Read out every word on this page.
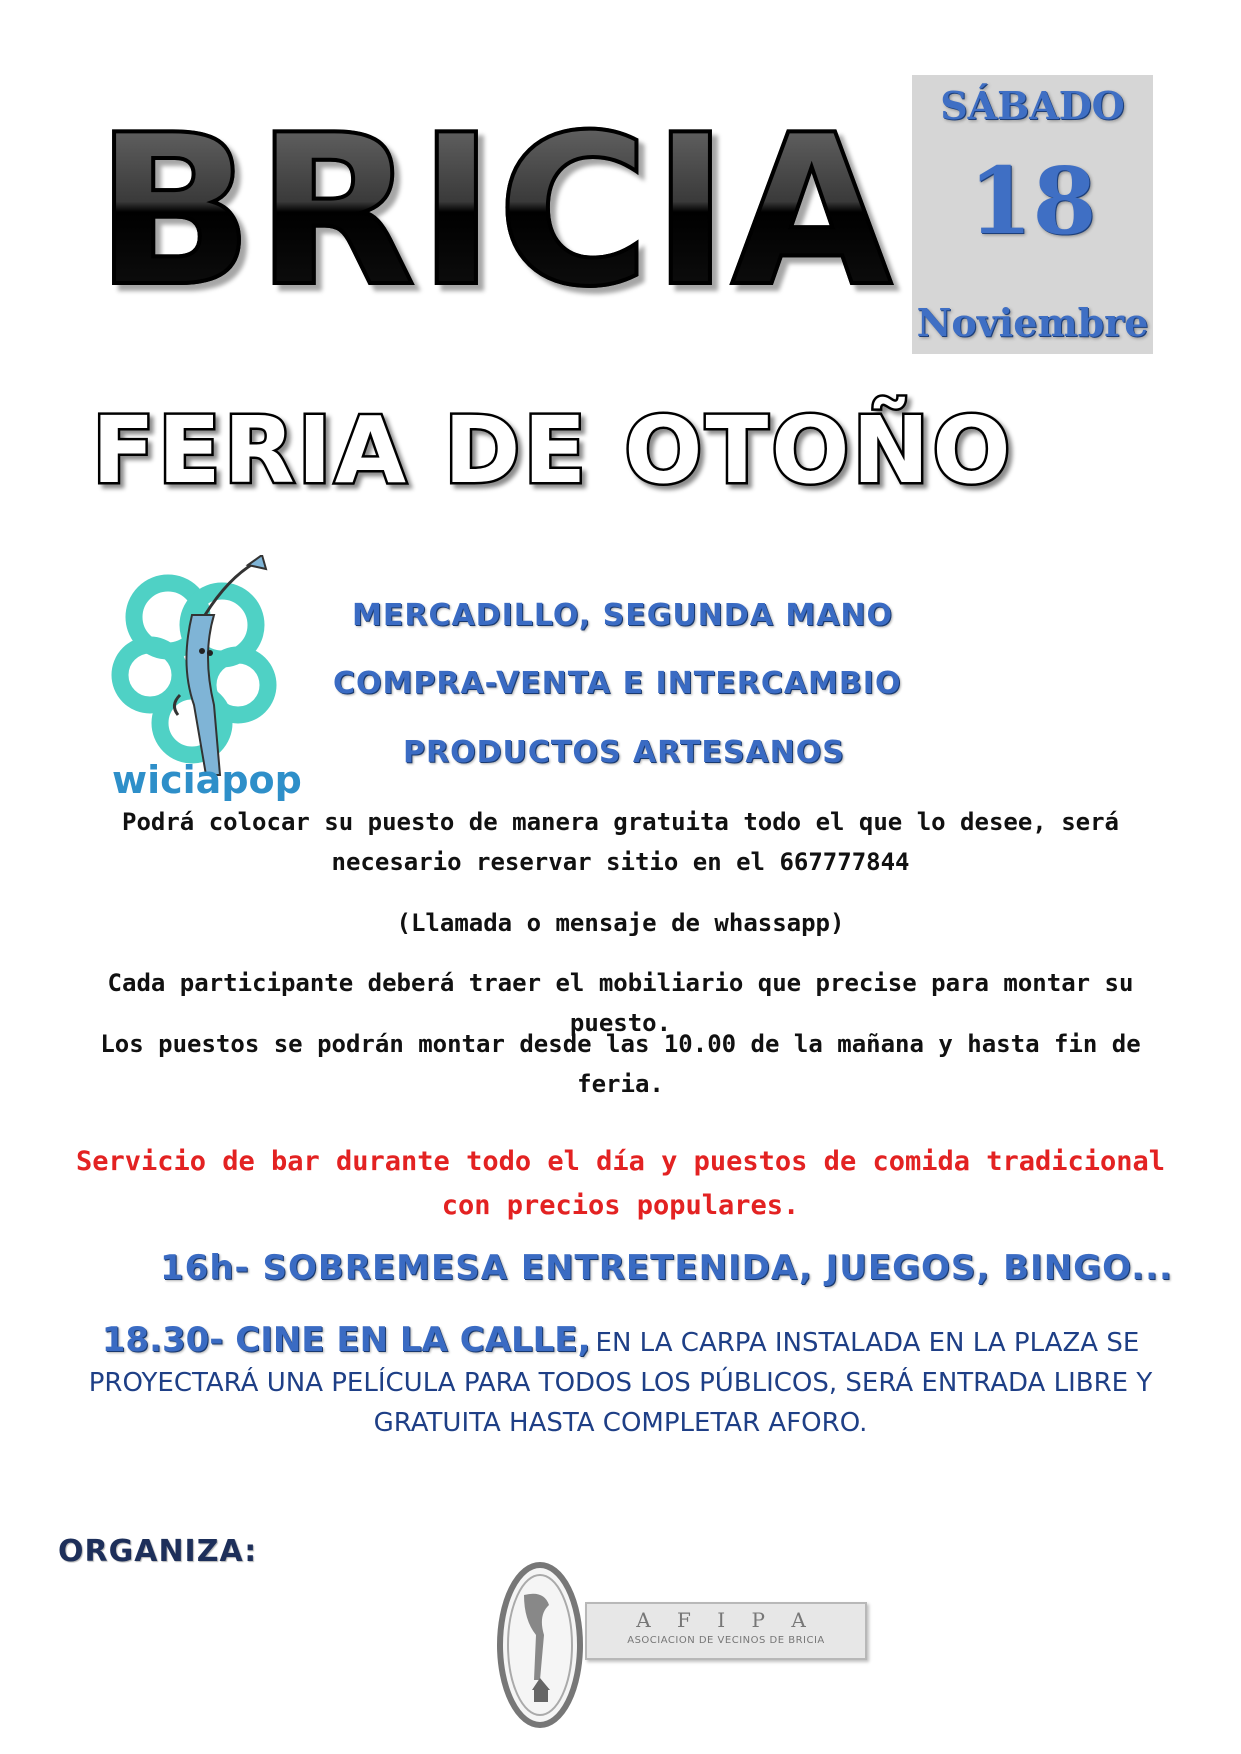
BRICIA	SÁBADO
18
Noviembre
FERIA DE OTOÑO
wiciapop
MERCADILLO, SEGUNDA MANO
COMPRA-VENTA E INTERCAMBIO
PRODUCTOS ARTESANOS
Podrá colocar su puesto de manera gratuita todo el que lo desee, será necesario reservar sitio en el 667777844
(Llamada o mensaje de whassapp)
Cada participante deberá traer el mobiliario que precise para montar su puesto.
Los puestos se podrán montar desde las 10.00 de la mañana y hasta fin de feria.
Servicio de bar durante todo el día y puestos de comida tradicional con precios populares.
16h- SOBREMESA ENTRETENIDA, JUEGOS, BINGO...
18.30- CINE EN LA CALLE, EN LA CARPA INSTALADA EN LA PLAZA SE PROYECTARÁ UNA PELÍCULA PARA TODOS LOS PÚBLICOS, SERÁ ENTRADA LIBRE Y GRATUITA HASTA COMPLETAR AFORO.
ORGANIZA:
A F I P A
ASOCIACION DE VECINOS DE BRICIA
